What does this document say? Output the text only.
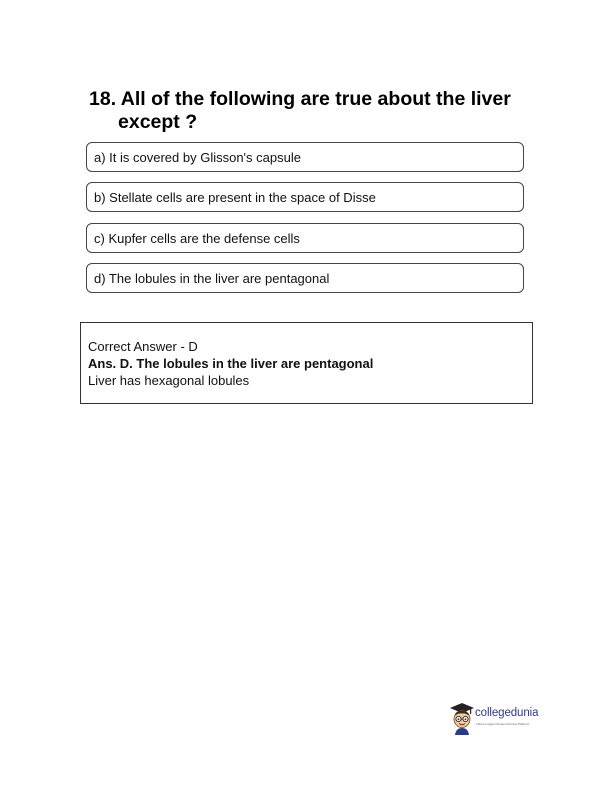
18. All of the following are true about the liver
except ?
a) It is covered by Glisson's capsule
b) Stellate cells are present in the space of Disse
c) Kupfer cells are the defense cells
d) The lobules in the liver are pentagonal
Correct Answer - D
Ans. D. The lobules in the liver are pentagonal
Liver has hexagonal lobules
collegedunia
India's Largest Student Review Platform
